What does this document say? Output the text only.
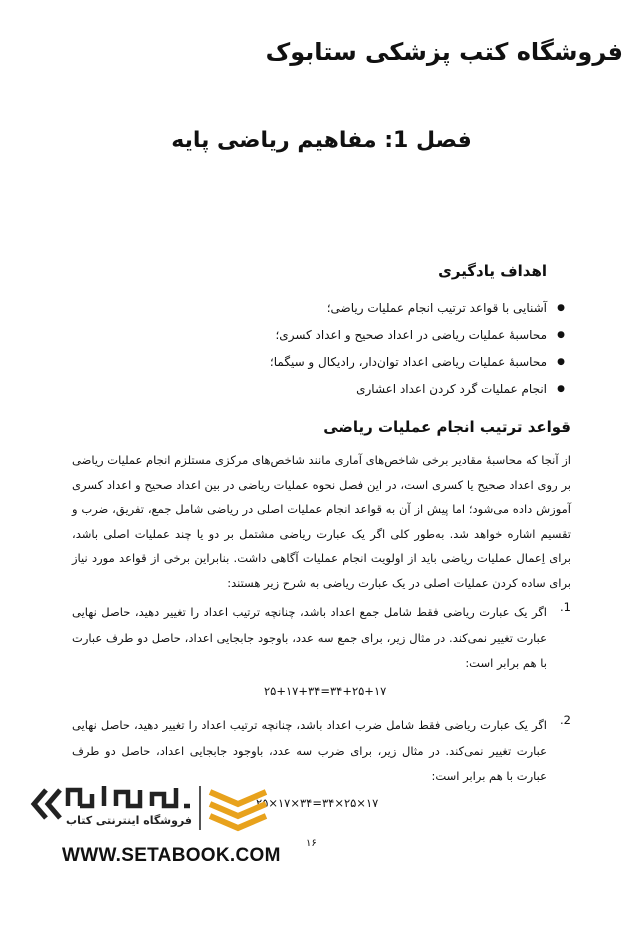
فروشگاه کتب پزشکی ستابوک
فصل 1: مفاهیم ریاضی پایه
اهداف یادگیری
● آشنایی با قواعد ترتیب انجام عملیات ریاضی؛
● محاسبهٔ عملیات ریاضی در اعداد صحیح و اعداد کسری؛
● محاسبهٔ عملیات ریاضی اعداد توان‌دار، رادیکال و سیگما؛
● انجام عملیات گرد کردن اعداد اعشاری
قواعد ترتیب انجام عملیات ریاضی

از آنجا که محاسبهٔ مقادیر برخی شاخص‌های آماری مانند شاخص‌های مرکزی مستلزم انجام عملیات ریاضی بر روی اعداد صحیح یا کسری است، در این فصل نحوه عملیات ریاضی در بین اعداد صحیح و اعداد کسری آموزش داده می‌شود؛ اما پیش از آن به قواعد انجام عملیات اصلی در ریاضی شامل جمع، تفریق، ضرب و تقسیم اشاره خواهد شد. به‌طور کلی اگر یک عبارت ریاضی مشتمل بر دو یا چند عملیات اصلی باشد، برای اِعمال عملیات ریاضی باید از اولویت انجام عملیات آگاهی داشت. بنابراین برخی از قواعد مورد نیاز برای ساده کردن عملیات اصلی در یک عبارت ریاضی به شرح زیر هستند:

1.

اگر یک عبارت ریاضی فقط شامل جمع اعداد باشد، چنانچه ترتیب اعداد را تغییر دهید، حاصل نهایی عبارت تغییر نمی‌کند. در مثال زیر، برای جمع سه عدد، باوجود جابجایی اعداد، حاصل دو طرف عبارت با هم برابر است:

۲۵+۱۷+۳۴=۳۴+۲۵+۱۷
2.

اگر یک عبارت ریاضی فقط شامل ضرب اعداد باشد، چنانچه ترتیب اعداد را تغییر دهید، حاصل نهایی عبارت تغییر نمی‌کند. در مثال زیر، برای ضرب سه عدد، باوجود جابجایی اعداد، حاصل دو طرف عبارت با هم برابر است:

۲۵×۱۷×۳۴=۳۴×۲۵×۱۷
۱۶
فروشگاه اینترنتی کتاب
WWW.SETABOOK.COM
